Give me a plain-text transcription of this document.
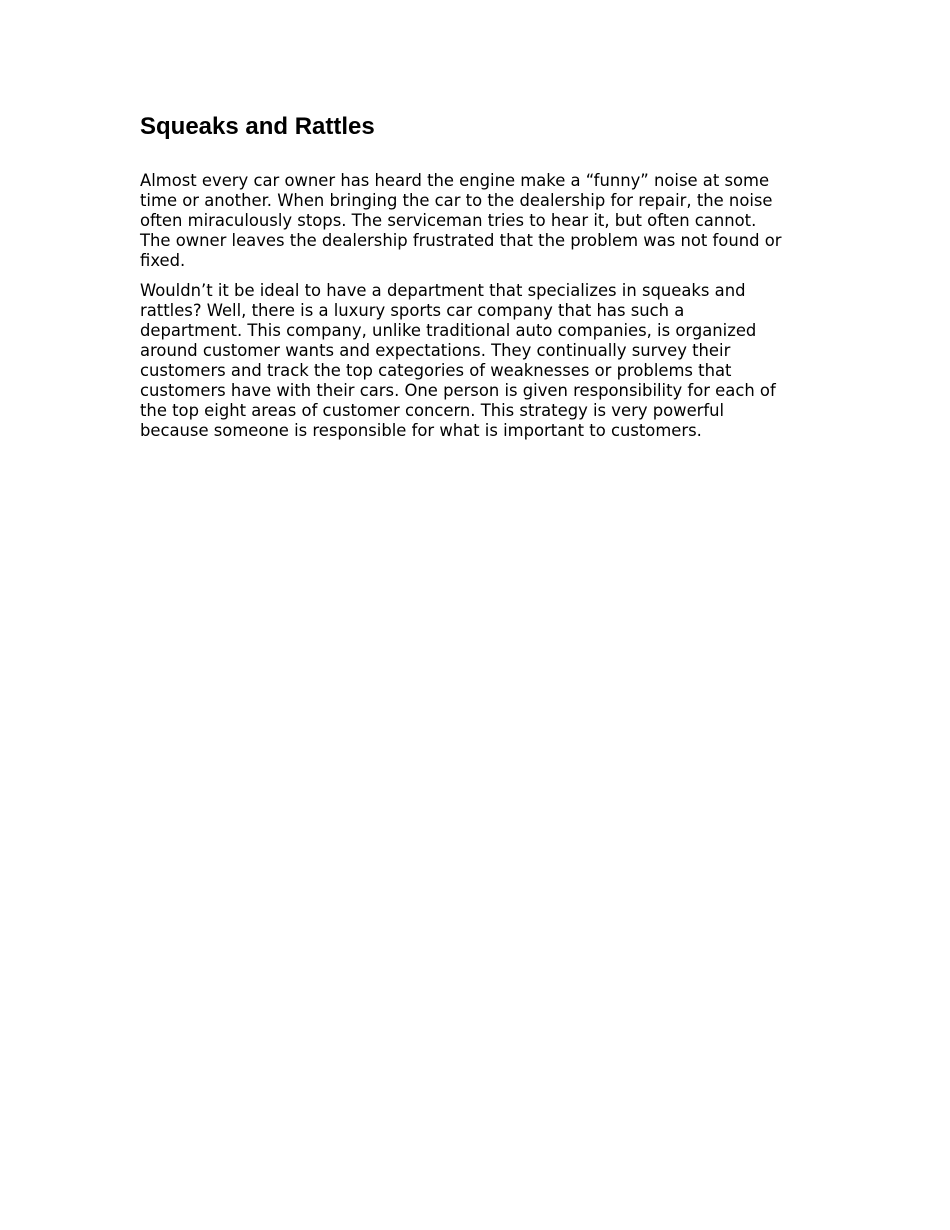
Squeaks and Rattles

Almost every car owner has heard the engine make a “funny” noise at some
time or another. When bringing the car to the dealership for repair, the noise
often miraculously stops. The serviceman tries to hear it, but often cannot.
The owner leaves the dealership frustrated that the problem was not found or
fixed.

Wouldn’t it be ideal to have a department that specializes in squeaks and
rattles? Well, there is a luxury sports car company that has such a
department. This company, unlike traditional auto companies, is organized
around customer wants and expectations. They continually survey their
customers and track the top categories of weaknesses or problems that
customers have with their cars. One person is given responsibility for each of
the top eight areas of customer concern. This strategy is very powerful
because someone is responsible for what is important to customers.
